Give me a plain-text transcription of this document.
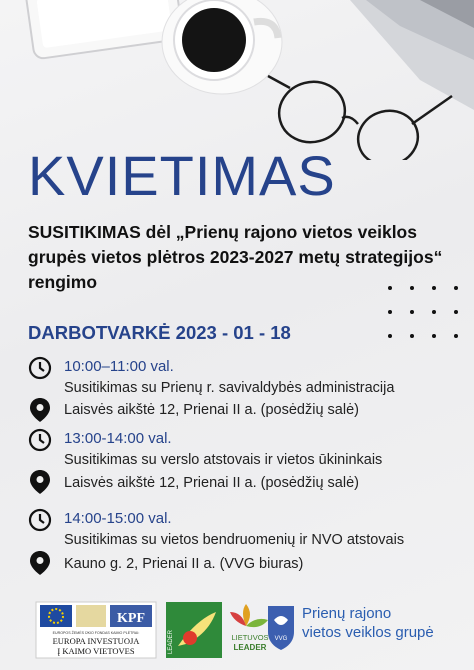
KVIETIMAS
SUSITIKIMAS dėl „Prienų rajono vietos veiklos grupės vietos plėtros 2023-2027 metų strategijos“ rengimo
DARBOTVARKĖ 2023 - 01 - 18
10:00–11:00 val.
Susitikimas su Prienų r. savivaldybės administracija
Laisvės aikštė 12, Prienai II a. (posėdžių salė)
13:00-14:00 val.
Susitikimas su verslo atstovais ir vietos ūkininkais
Laisvės aikštė 12, Prienai II a. (posėdžių salė)
14:00-15:00 val.
Susitikimas su vietos bendruomenių ir NVO atstovais
Kauno g. 2, Prienai II a. (VVG biuras)
KPF
EUROPOS ŽEMĖS ŪKIO FONDAS KAIMO PLĖTRAI:
EUROPA INVESTUOJA
Į KAIMO VIETOVES	LEADER	LIETUVOS
LEADER
VVG
Prienų rajono
vietos veiklos grupė
